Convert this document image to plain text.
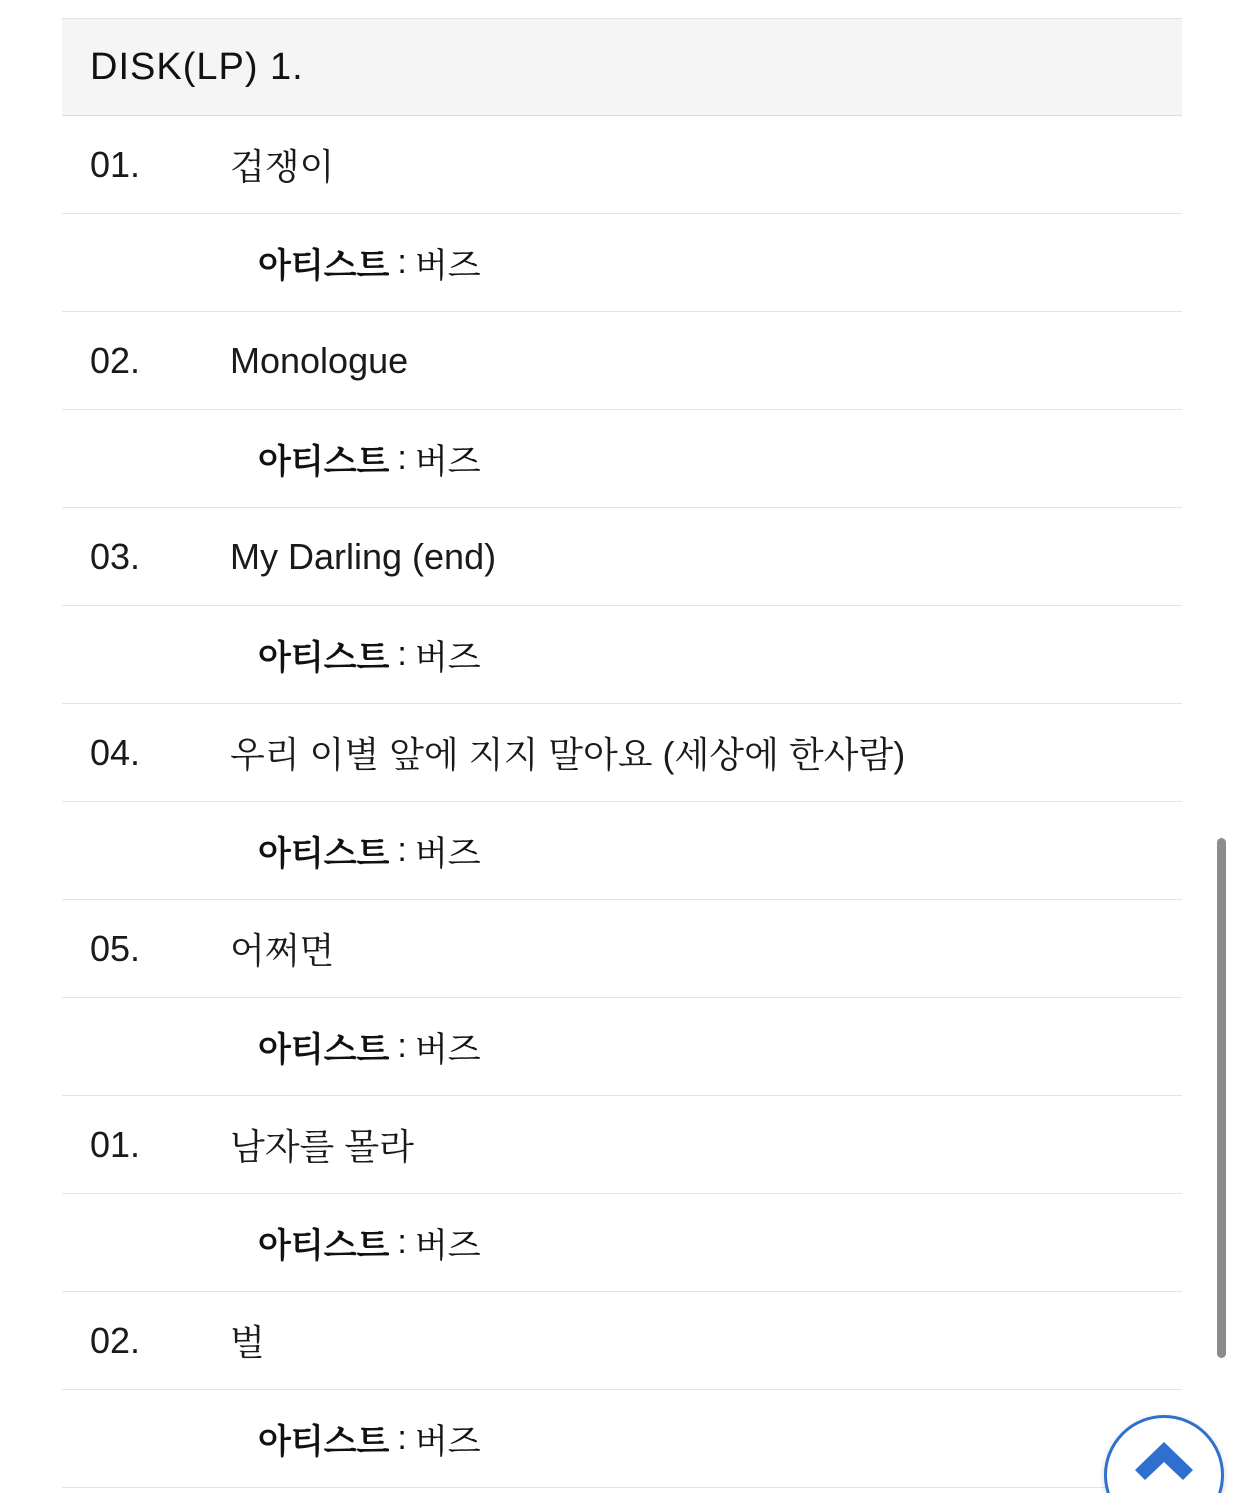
DISK(LP) 1.
01.	겁쟁이
아티스트 : 버즈
02.	Monologue
아티스트 : 버즈
03.	My Darling (end)
아티스트 : 버즈
04.	우리 이별 앞에 지지 말아요 (세상에 한사람)
아티스트 : 버즈
05.	어쩌면
아티스트 : 버즈
01.	남자를 몰라
아티스트 : 버즈
02.	벌
아티스트 : 버즈
